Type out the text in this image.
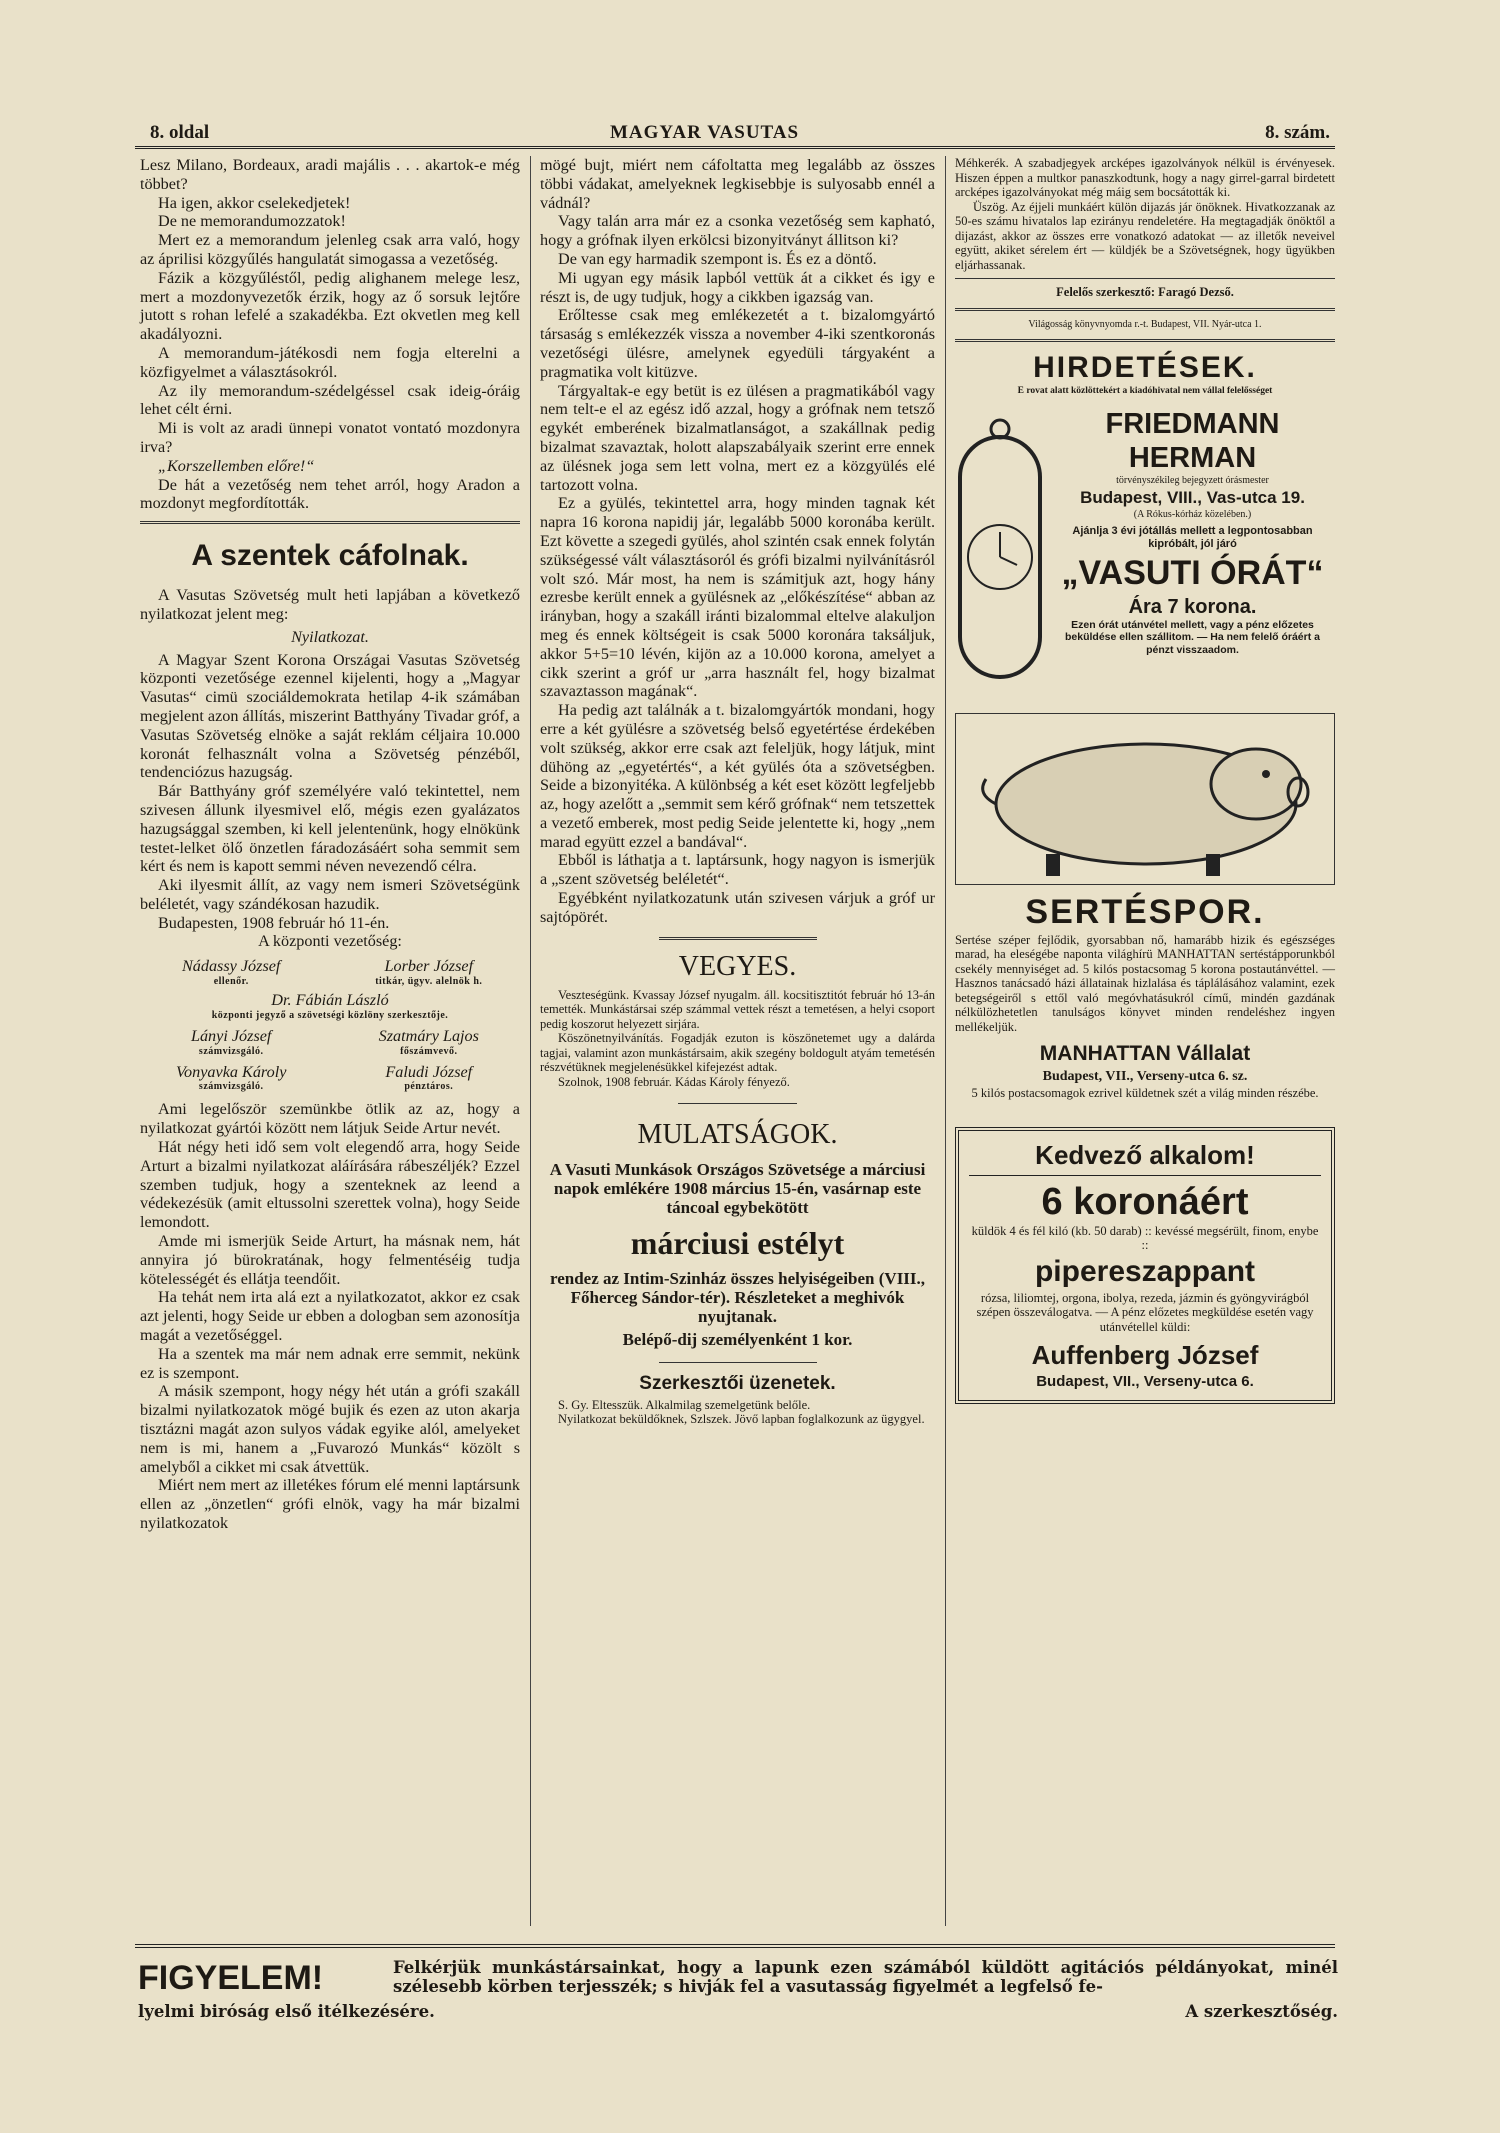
8. oldal	MAGYAR VASUTAS	8. szám.

Lesz Milano, Bordeaux, aradi majális . . . akartok-e még többet?

Ha igen, akkor cselekedjetek!

De ne memorandumozzatok!

Mert ez a memorandum jelenleg csak arra való, hogy az áprilisi közgyűlés hangulatát simogassa a vezetőség.

Fázik a közgyűléstől, pedig alighanem melege lesz, mert a mozdonyvezetők érzik, hogy az ő sorsuk lejtőre jutott s rohan lefelé a szakadékba. Ezt okvetlen meg kell akadályozni.

A memorandum-játékosdi nem fogja elterelni a közfigyelmet a választásokról.

Az ily memorandum-szédelgéssel csak ideig-óráig lehet célt érni.

Mi is volt az aradi ünnepi vonatot vontató mozdonyra irva?

„Korszellemben előre!“

De hát a vezetőség nem tehet arról, hogy Aradon a mozdonyt megfordították.

A szentek cáfolnak.

A Vasutas Szövetség mult heti lapjában a következő nyilatkozat jelent meg:

Nyilatkozat.

A Magyar Szent Korona Országai Vasutas Szövetség központi vezetősége ezennel kijelenti, hogy a „Magyar Vasutas“ cimü szociáldemokrata hetilap 4-ik számában megjelent azon állítás, miszerint Batthyány Tivadar gróf, a Vasutas Szövetség elnöke a saját reklám céljaira 10.000 koronát felhasznált volna a Szövetség pénzéből, tendenciózus hazugság.

Bár Batthyány gróf személyére való tekintettel, nem szivesen állunk ilyesmivel elő, mégis ezen gyalázatos hazugsággal szemben, ki kell jelentenünk, hogy elnökünk testet-lelket ölő önzetlen fáradozásáért soha semmit sem kért és nem is kapott semmi néven nevezendő célra.

Aki ilyesmit állít, az vagy nem ismeri Szövetségünk beléletét, vagy szándékosan hazudik.

Budapesten, 1908 február hó 11-én.

A központi vezetőség:
Nádassy József
ellenőr.
Lorber József
titkár, ügyv. alelnök h.
Dr. Fábián László
központi jegyző a szövetségi közlöny szerkesztője.
Lányi József
számvizsgáló.
Szatmáry Lajos
főszámvevő.
Vonyavka Károly
számvizsgáló.
Faludi József
pénztáros.

Ami legelőször szemünkbe ötlik az az, hogy a nyilatkozat gyártói között nem látjuk Seide Artur nevét.

Hát négy heti idő sem volt elegendő arra, hogy Seide Arturt a bizalmi nyilatkozat aláírására rábeszéljék? Ezzel szemben tudjuk, hogy a szenteknek az leend a védekezésük (amit eltussolni szerettek volna), hogy Seide lemondott.

Amde mi ismerjük Seide Arturt, ha másnak nem, hát annyira jó bürokratának, hogy felmentéséig tudja kötelességét és ellátja teendőit.

Ha tehát nem irta alá ezt a nyilatkozatot, akkor ez csak azt jelenti, hogy Seide ur ebben a dologban sem azonosítja magát a vezetőséggel.

Ha a szentek ma már nem adnak erre semmit, nekünk ez is szempont.

A másik szempont, hogy négy hét után a grófi szakáll bizalmi nyilatkozatok mögé bujik és ezen az uton akarja tisztázni magát azon sulyos vádak egyike alól, amelyeket nem is mi, hanem a „Fuvarozó Munkás“ közölt s amelyből a cikket mi csak átvettük.

Miért nem mert az illetékes fórum elé menni laptársunk ellen az „önzetlen“ grófi elnök, vagy ha már bizalmi nyilatkozatok

mögé bujt, miért nem cáfoltatta meg legalább az összes többi vádakat, amelyeknek legkisebbje is sulyosabb ennél a vádnál?

Vagy talán arra már ez a csonka vezetőség sem kapható, hogy a grófnak ilyen erkölcsi bizonyitványt állitson ki?

De van egy harmadik szempont is. És ez a döntő.

Mi ugyan egy másik lapból vettük át a cikket és igy e részt is, de ugy tudjuk, hogy a cikkben igazság van.

Erőltesse csak meg emlékezetét a t. bizalomgyártó társaság s emlékezzék vissza a november 4-iki szentkoronás vezetőségi ülésre, amelynek egyedüli tárgyaként a pragmatika volt kitüzve.

Tárgyaltak-e egy betüt is ez ülésen a pragmatikából vagy nem telt-e el az egész idő azzal, hogy a grófnak nem tetsző egykét emberének bizalmatlanságot, a szakállnak pedig bizalmat szavaztak, holott alapszabályaik szerint erre ennek az ülésnek joga sem lett volna, mert ez a közgyülés elé tartozott volna.

Ez a gyülés, tekintettel arra, hogy minden tagnak két napra 16 korona napidij jár, legalább 5000 koronába került. Ezt követte a szegedi gyülés, ahol szintén csak ennek folytán szükségessé vált választásoról és grófi bizalmi nyilvánításról volt szó. Már most, ha nem is számitjuk azt, hogy hány ezresbe került ennek a gyülésnek az „előkészítése“ abban az irányban, hogy a szakáll iránti bizalommal eltelve alakuljon meg és ennek költségeit is csak 5000 koronára taksáljuk, akkor 5+5=10 lévén, kijön az a 10.000 korona, amelyet a cikk szerint a gróf ur „arra használt fel, hogy bizalmat szavaztasson magának“.

Ha pedig azt találnák a t. bizalomgyártók mondani, hogy erre a két gyülésre a szövetség belső egyetértése érdekében volt szükség, akkor erre csak azt feleljük, hogy látjuk, mint dühöng az „egyetértés“, a két gyülés óta a szövetségben. Seide a bizonyitéka. A különbség a két eset között legfeljebb az, hogy azelőtt a „semmit sem kérő grófnak“ nem tetszettek a vezető emberek, most pedig Seide jelentette ki, hogy „nem marad együtt ezzel a bandával“.

Ebből is láthatja a t. laptársunk, hogy nagyon is ismerjük a „szent szövetség beléletét“.

Egyébként nyilatkozatunk után szivesen várjuk a gróf ur sajtópörét.

VEGYES.

Veszteségünk. Kvassay József nyugalm. áll. kocsitisztitót február hó 13-án temették. Munkástársai szép számmal vettek részt a temetésen, a helyi csoport pedig koszorut helyezett sirjára.

Köszönetnyilvánítás. Fogadják ezuton is köszönetemet ugy a dalárda tagjai, valamint azon munkástársaim, akik szegény boldogult atyám temetésén részvétüknek megjelenésükkel kifejezést adtak.

Szolnok, 1908 február. Kádas Károly fényező.

MULATSÁGOK.
A Vasuti Munkások Országos Szövetsége a márciusi napok emlékére 1908 március 15-én, vasárnap este táncoal egybekötött
márciusi estélyt
rendez az Intim-Szinház összes helyiségeiben (VIII., Főherceg Sándor-tér). Részleteket a meghivók nyujtanak.
Belépő-dij személyenként 1 kor.
Szerkesztői üzenetek.

S. Gy. Eltesszük. Alkalmilag szemelgetünk belőle.

Nyilatkozat beküldőknek, Szlszek. Jövő lapban foglalkozunk az ügygyel.

Méhkerék. A szabadjegyek arcképes igazolványok nélkül is érvényesek. Hiszen éppen a multkor panaszkodtunk, hogy a nagy girrel-garral birdetett arcképes igazolványokat még máig sem bocsátották ki.

Üszög. Az éjjeli munkáért külön dijazás jár önöknek. Hivatkozzanak az 50-es számu hivatalos lap ezirányu rendeletére. Ha megtagadják önöktől a dijazást, akkor az összes erre vonatkozó adatokat — az illetők neveivel együtt, akiket sérelem ért — küldjék be a Szövetségnek, hogy ügyükben eljárhassanak.

Felelős szerkesztő: Faragó Dezső.
Világosság könyvnyomda r.-t. Budapest, VII. Nyár-utca 1.
HIRDETÉSEK.
E rovat alatt közlöttekért a kiadóhivatal nem vállal felelősséget
FRIEDMANN HERMAN
törvényszékileg bejegyzett órásmester
Budapest, VIII., Vas-utca 19.
(A Rókus-kórház közelében.)
Ajánlja 3 évi jótállás mellett a legpontosabban kipróbált, jól járó
„VASUTI ÓRÁT“
Ára 7 korona.
Ezen órát utánvétel mellett, vagy a pénz előzetes beküldése ellen szállitom. — Ha nem felelő óráért a pénzt visszaadom.
SERTÉSPOR.
Sertése széper fejlődik, gyorsabban nő, hamarább hizik és egészséges marad, ha eleségébe naponta világhírü MANHATTAN sertéstápporunkból csekély mennyiséget ad. 5 kilós postacsomag 5 korona postautánvéttel. — Hasznos tanácsadó házi állatainak hizlalása és táplálásához valamint, ezek betegségeiről s ettől való megóvhatásukról című, mindén gazdának nélkülözhetetlen tanulságos könyvet minden rendeléshez ingyen mellékeljük.
MANHATTAN Vállalat
Budapest, VII., Verseny-utca 6. sz.
5 kilós postacsomagok ezrivel küldetnek szét a világ minden részébe.
Kedvező alkalom!
6 koronáért
küldök 4 és fél kiló (kb. 50 darab) :: kevéssé megsérült, finom, enybe ::
pipereszappant
rózsa, liliomtej, orgona, ibolya, rezeda, jázmin és gyöngyvirágból szépen összeválogatva. — A pénz előzetes megküldése esetén vagy utánvétellel küldi:
Auffenberg József
Budapest, VII., Verseny-utca 6.
FIGYELEM!	Felkérjük munkástársainkat, hogy a lapunk ezen számából küldött agitációs példányokat, minél szélesebb körben terjesszék; s hivják fel a vasutasság figyelmét a legfelső fe-
lyelmi biróság első itélkezésére.	A szerkesztőség.
